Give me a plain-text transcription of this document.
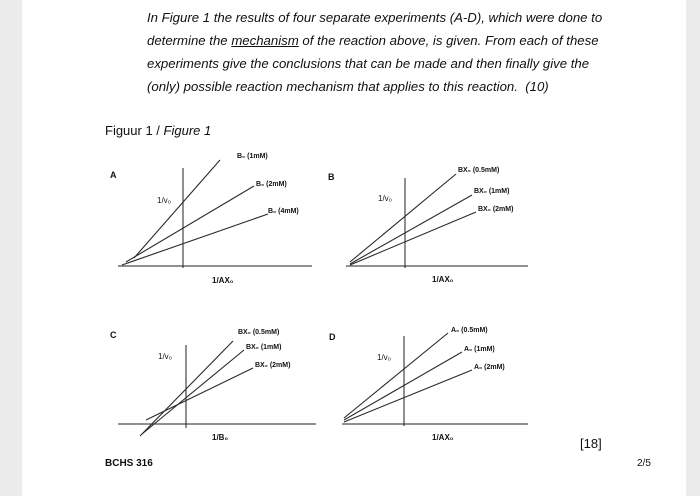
In Figure 1 the results of four separate experiments (A-D), which were done to determine the mechanism of the reaction above, is given. From each of these experiments give the conclusions that can be made and then finally give the (only) possible reaction mechanism that applies to this reaction. (10)

Figuur 1 / Figure 1
A
1/v₀
1/AX₀
B₀ (1mM)
B₀ (2mM)
B₀ (4mM)
B
1/v₀
1/AX₀
BX₀ (0.5mM)
BX₀ (1mM)
BX₀ (2mM)
C
1/v₀
1/B₀
BX₀ (0.5mM)
BX₀ (1mM)
BX₀ (2mM)
D
1/v₀
1/AX₀
A₀ (0.5mM)
A₀ (1mM)
A₀ (2mM)
[18]
BCHS 316	2/5
